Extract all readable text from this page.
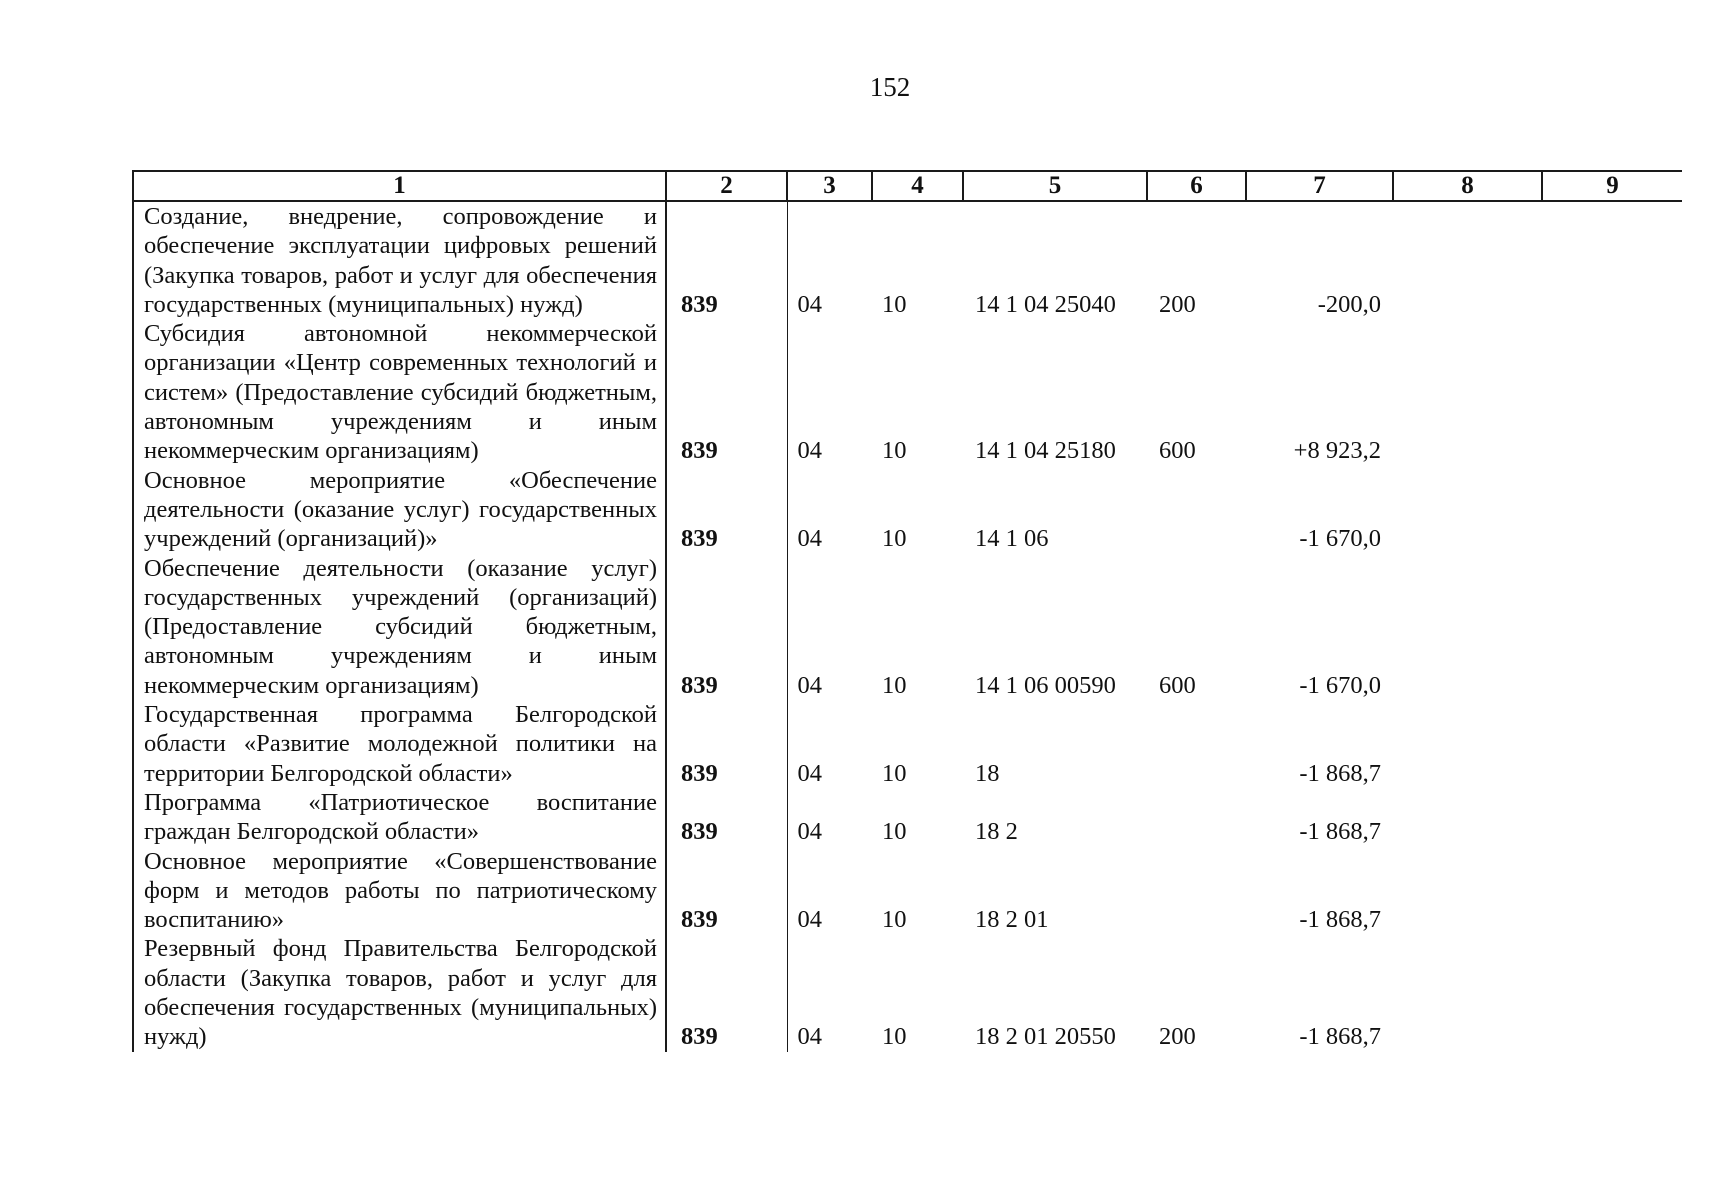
152
1	2	3	4	5	6	7	8	9
Создание, внедрение, сопровождение и обеспечение эксплуатации цифровых решений (Закупка товаров, работ и услуг для обеспечения государственных (муниципальных) нужд)	839	04	10	14 1 04 25040	200	-200,0		
Субсидия автономной некоммерческой организации «Центр современных технологий и систем» (Предоставление субсидий бюджетным, автономным учреждениям и иным некоммерческим организациям)	839	04	10	14 1 04 25180	600	+8 923,2		
Основное мероприятие «Обеспечение деятельности (оказание услуг) государственных учреждений (организаций)»	839	04	10	14 1 06		-1 670,0		
Обеспечение деятельности (оказание услуг) государственных учреждений (организаций) (Предоставление субсидий бюджетным, автономным учреждениям и иным некоммерческим организациям)	839	04	10	14 1 06 00590	600	-1 670,0		
Государственная программа Белгородской области «Развитие молодежной политики на территории Белгородской области»	839	04	10	18		-1 868,7		
Программа «Патриотическое воспитание граждан Белгородской области»	839	04	10	18 2		-1 868,7		
Основное мероприятие «Совершенствование форм и методов работы по патриотическому воспитанию»	839	04	10	18 2 01		-1 868,7		
Резервный фонд Правительства Белгородской области (Закупка товаров, работ и услуг для обеспечения государственных (муниципальных) нужд)	839	04	10	18 2 01 20550	200	-1 868,7		
